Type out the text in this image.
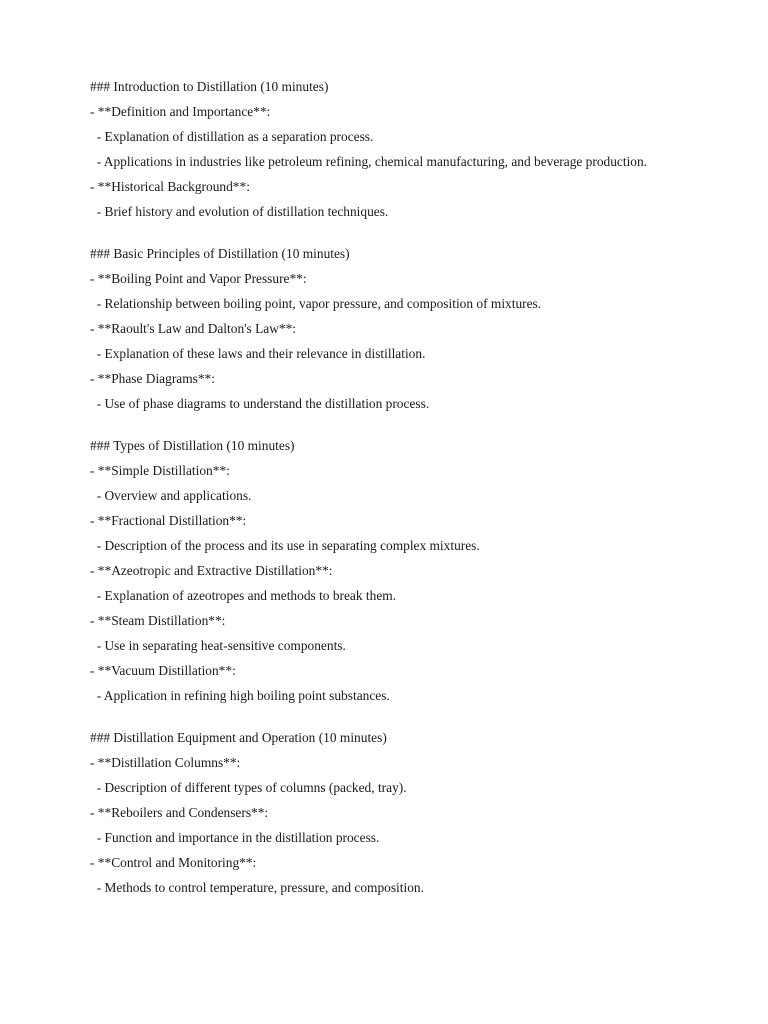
### Introduction to Distillation (10 minutes)

- **Definition and Importance**:

- Explanation of distillation as a separation process.

- Applications in industries like petroleum refining, chemical manufacturing, and beverage production.

- **Historical Background**:

- Brief history and evolution of distillation techniques.

### Basic Principles of Distillation (10 minutes)

- **Boiling Point and Vapor Pressure**:

- Relationship between boiling point, vapor pressure, and composition of mixtures.

- **Raoult's Law and Dalton's Law**:

- Explanation of these laws and their relevance in distillation.

- **Phase Diagrams**:

- Use of phase diagrams to understand the distillation process.

### Types of Distillation (10 minutes)

- **Simple Distillation**:

- Overview and applications.

- **Fractional Distillation**:

- Description of the process and its use in separating complex mixtures.

- **Azeotropic and Extractive Distillation**:

- Explanation of azeotropes and methods to break them.

- **Steam Distillation**:

- Use in separating heat-sensitive components.

- **Vacuum Distillation**:

- Application in refining high boiling point substances.

### Distillation Equipment and Operation (10 minutes)

- **Distillation Columns**:

- Description of different types of columns (packed, tray).

- **Reboilers and Condensers**:

- Function and importance in the distillation process.

- **Control and Monitoring**:

- Methods to control temperature, pressure, and composition.
